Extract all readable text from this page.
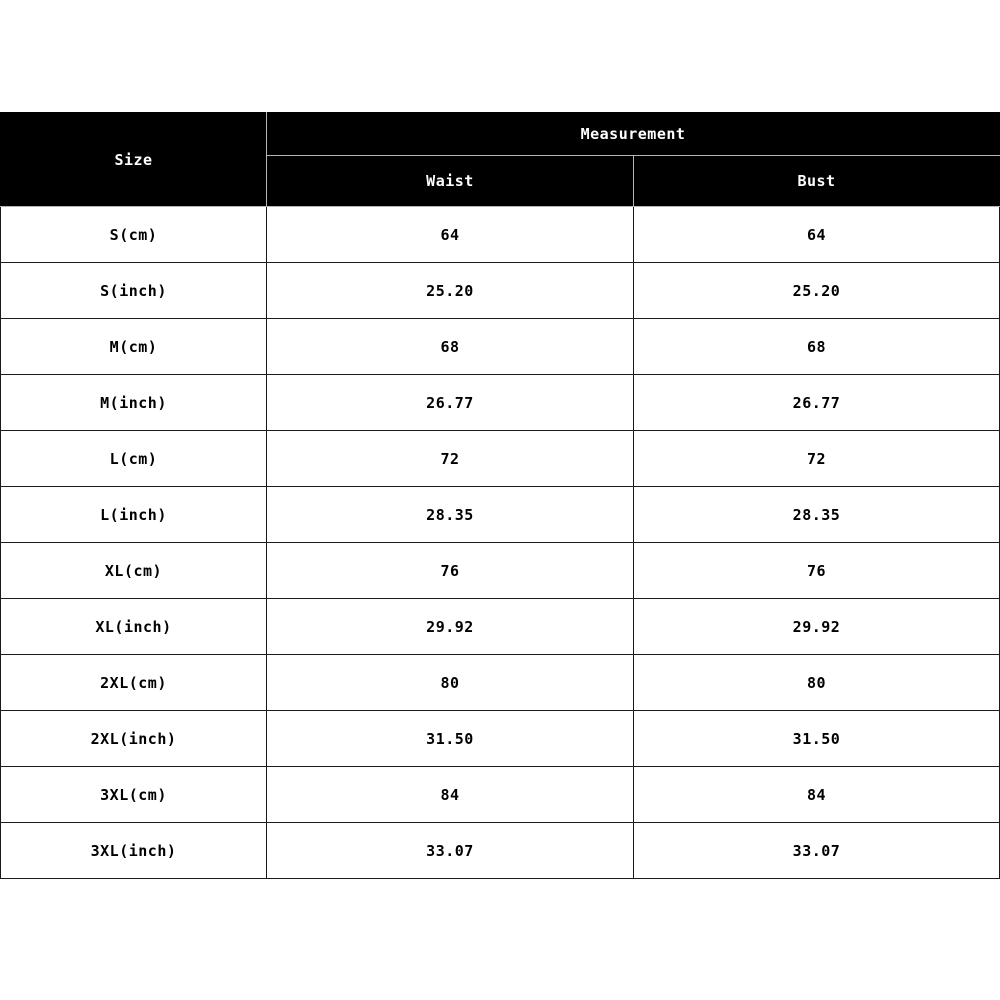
Size	Measurement	
	Waist	Bust
S(cm)	64	64
S(inch)	25.20	25.20
M(cm)	68	68
M(inch)	26.77	26.77
L(cm)	72	72
L(inch)	28.35	28.35
XL(cm)	76	76
XL(inch)	29.92	29.92
2XL(cm)	80	80
2XL(inch)	31.50	31.50
3XL(cm)	84	84
3XL(inch)	33.07	33.07
